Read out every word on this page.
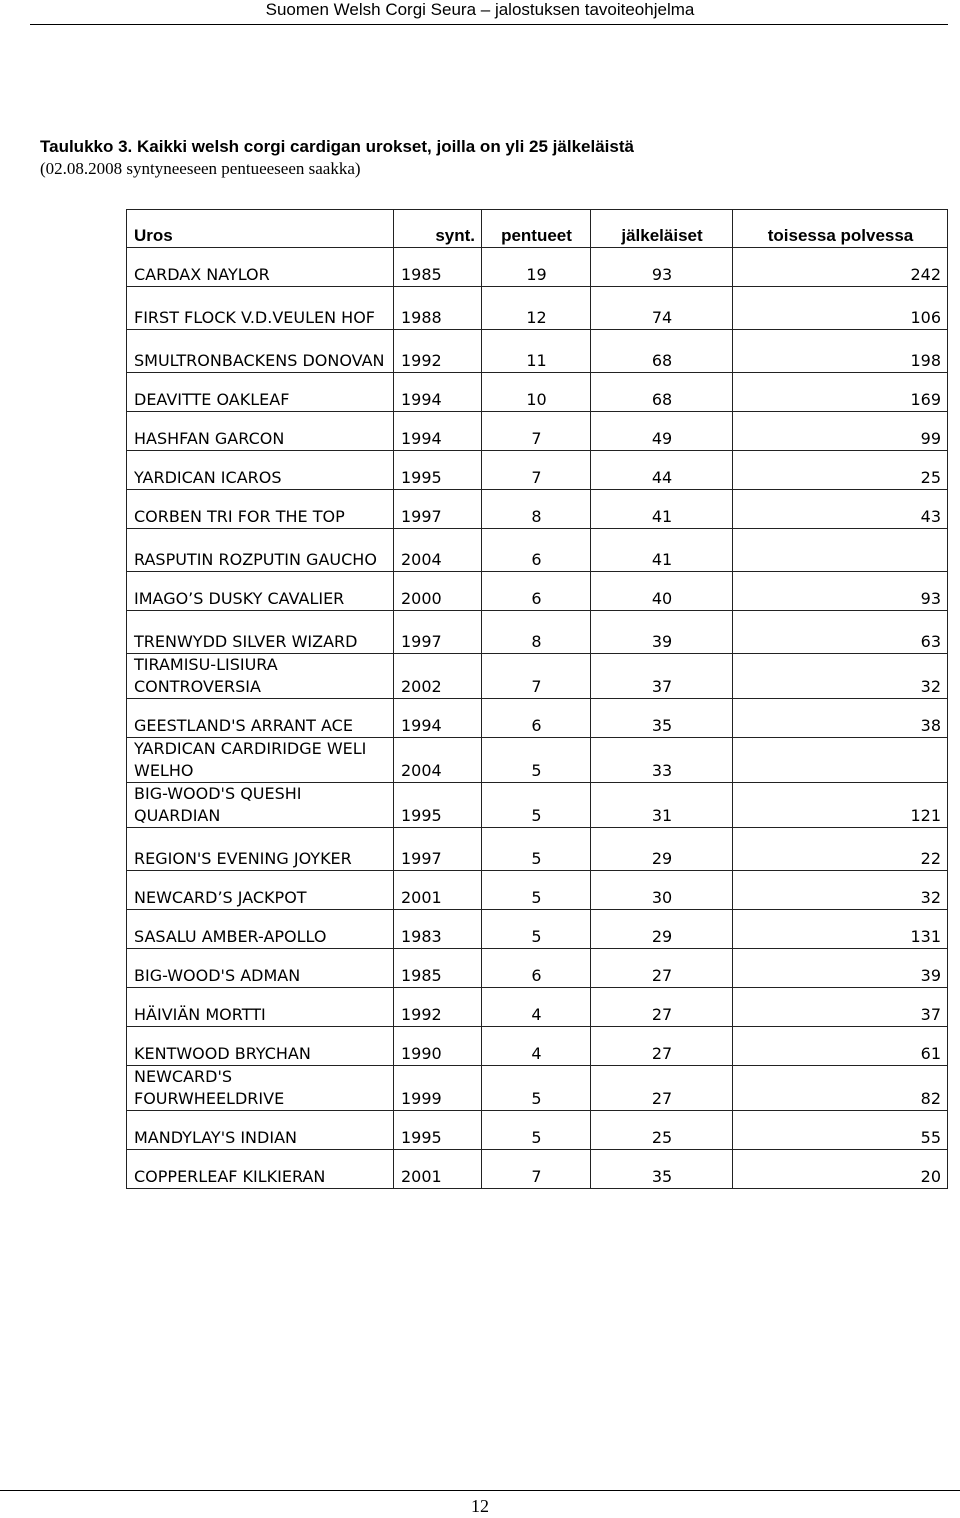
Suomen Welsh Corgi Seura – jalostuksen tavoiteohjelma
Taulukko 3. Kaikki welsh corgi cardigan urokset, joilla on yli 25 jälkeläistä
(02.08.2008 syntyneeseen pentueeseen saakka)
Uros	synt.	pentueet	jälkeläiset	toisessa polvessa
CARDAX NAYLOR	1985	19	93	242
FIRST FLOCK V.D.VEULEN HOF	1988	12	74	106
SMULTRONBACKENS DONOVAN	1992	11	68	198
DEAVITTE OAKLEAF	1994	10	68	169
HASHFAN GARCON	1994	7	49	99
YARDICAN ICAROS	1995	7	44	25
CORBEN TRI FOR THE TOP	1997	8	41	43
RASPUTIN ROZPUTIN GAUCHO	2004	6	41	
IMAGO’S DUSKY CAVALIER	2000	6	40	93
TRENWYDD SILVER WIZARD	1997	8	39	63
TIRAMISU-LISIURA CONTROVERSIA	2002	7	37	32
GEESTLAND'S ARRANT ACE	1994	6	35	38
YARDICAN CARDIRIDGE WELI WELHO	2004	5	33	
BIG-WOOD'S QUESHI QUARDIAN	1995	5	31	121
REGION'S EVENING JOYKER	1997	5	29	22
NEWCARD’S JACKPOT	2001	5	30	32
SASALU AMBER-APOLLO	1983	5	29	131
BIG-WOOD'S ADMAN	1985	6	27	39
HÄIVIÄN MORTTI	1992	4	27	37
KENTWOOD BRYCHAN	1990	4	27	61
NEWCARD'S FOURWHEELDRIVE	1999	5	27	82
MANDYLAY'S INDIAN	1995	5	25	55
COPPERLEAF KILKIERAN	2001	7	35	20
12
